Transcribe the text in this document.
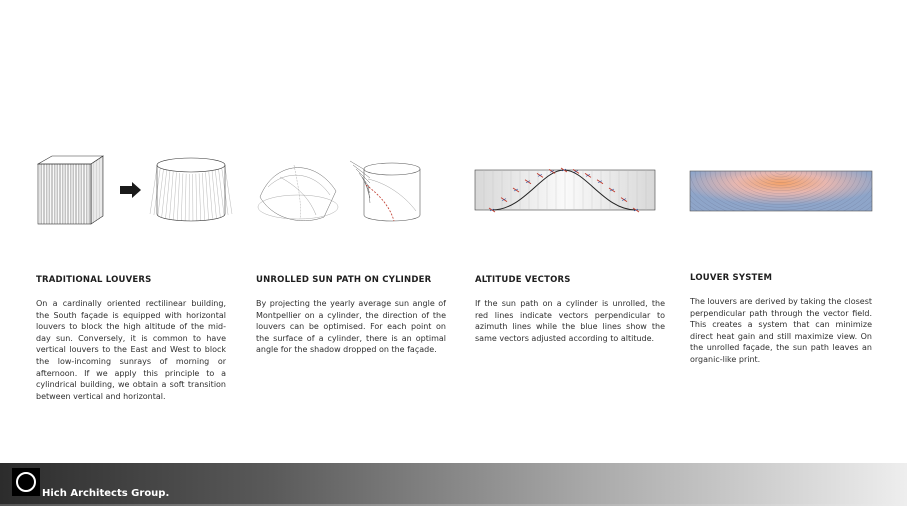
TRADITIONAL LOUVERS
On a cardinally oriented rectilinear building, the South façade is equipped with horizontal louvers to block the high altitude of the mid-day sun. Conversely, it is common to have vertical louvers to the East and West to block the low-incoming sunrays of morning or afternoon. If we apply this principle to a cylindrical building, we obtain a soft transition between vertical and horizontal.
UNROLLED SUN PATH ON CYLINDER
By projecting the yearly average sun angle of Montpellier on a cylinder, the direction of the louvers can be optimised. For each point on the surface of a cylinder, there is an optimal angle for the shadow dropped on the façade.
ALTITUDE VECTORS
If the sun path on a cylinder is unrolled, the red lines indicate vectors perpendicular to azimuth lines while the blue lines show the same vectors adjusted according to altitude.
LOUVER SYSTEM
The louvers are derived by taking the closest perpendicular path through the vector field. This creates a system that can minimize direct heat gain and still maximize view. On the unrolled façade, the sun path leaves an organic-like print.
Hich Architects Group.
